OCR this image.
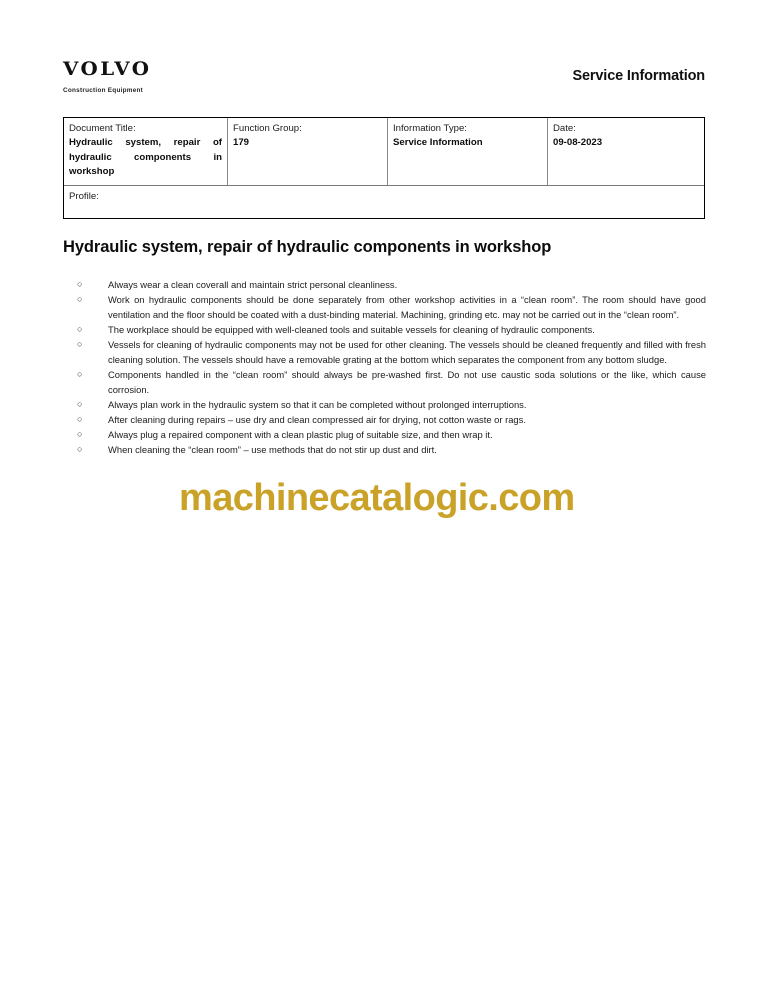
VOLVO
Construction Equipment
Service Information
Document Title:
Hydraulic system, repair of hydraulic components in workshop
Function Group:
179
Information Type:
Service Information
Date:
09-08-2023
Profile:
Hydraulic system, repair of hydraulic components in workshop
○	Always wear a clean coverall and maintain strict personal cleanliness.
○	Work on hydraulic components should be done separately from other workshop activities in a “clean room”. The room should have good ventilation and the floor should be coated with a dust-binding material. Machining, grinding etc. may not be carried out in the “clean room”.
○	The workplace should be equipped with well-cleaned tools and suitable vessels for cleaning of hydraulic components.
○	Vessels for cleaning of hydraulic components may not be used for other cleaning. The vessels should be cleaned frequently and filled with fresh cleaning solution. The vessels should have a removable grating at the bottom which separates the component from any bottom sludge.
○	Components handled in the “clean room” should always be pre-washed first. Do not use caustic soda solutions or the like, which cause corrosion.
○	Always plan work in the hydraulic system so that it can be completed without prolonged interruptions.
○	After cleaning during repairs – use dry and clean compressed air for drying, not cotton waste or rags.
○	Always plug a repaired component with a clean plastic plug of suitable size, and then wrap it.
○	When cleaning the “clean room” – use methods that do not stir up dust and dirt.
machinecatalogic.com
